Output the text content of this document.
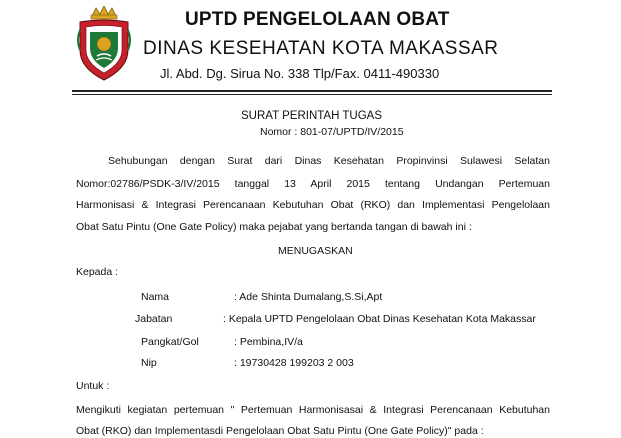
UPTD PENGELOLAAN OBAT
DINAS KESEHATAN KOTA MAKASSAR
Jl. Abd. Dg. Sirua No. 338 Tlp/Fax. 0411-490330
SURAT PERINTAH TUGAS
Nomor : 801-07/UPTD/IV/2015
Sehubungan dengan Surat dari Dinas Kesehatan Propinvinsi Sulawesi Selatan
Nomor:02786/PSDK-3/IV/2015 tanggal 13 April 2015 tentang Undangan Pertemuan
Harmonisasi & Integrasi Perencanaan Kebutuhan Obat (RKO) dan Implementasi Pengelolaan
Obat Satu Pintu (One Gate Policy) maka pejabat yang bertanda tangan di bawah ini :
MENUGASKAN
Kepada :
Nama	: Ade Shinta Dumalang,S.Si,Apt
Jabatan	: Kepala UPTD Pengelolaan Obat Dinas Kesehatan Kota Makassar
Pangkat/Gol	: Pembina,IV/a
Nip	: 19730428 199203 2 003
Untuk :
Mengikuti kegiatan pertemuan " Pertemuan Harmonisasai & Integrasi Perencanaan Kebutuhan
Obat (RKO) dan Implementasdi Pengelolaan Obat Satu Pintu (One Gate Policy)" pada :
